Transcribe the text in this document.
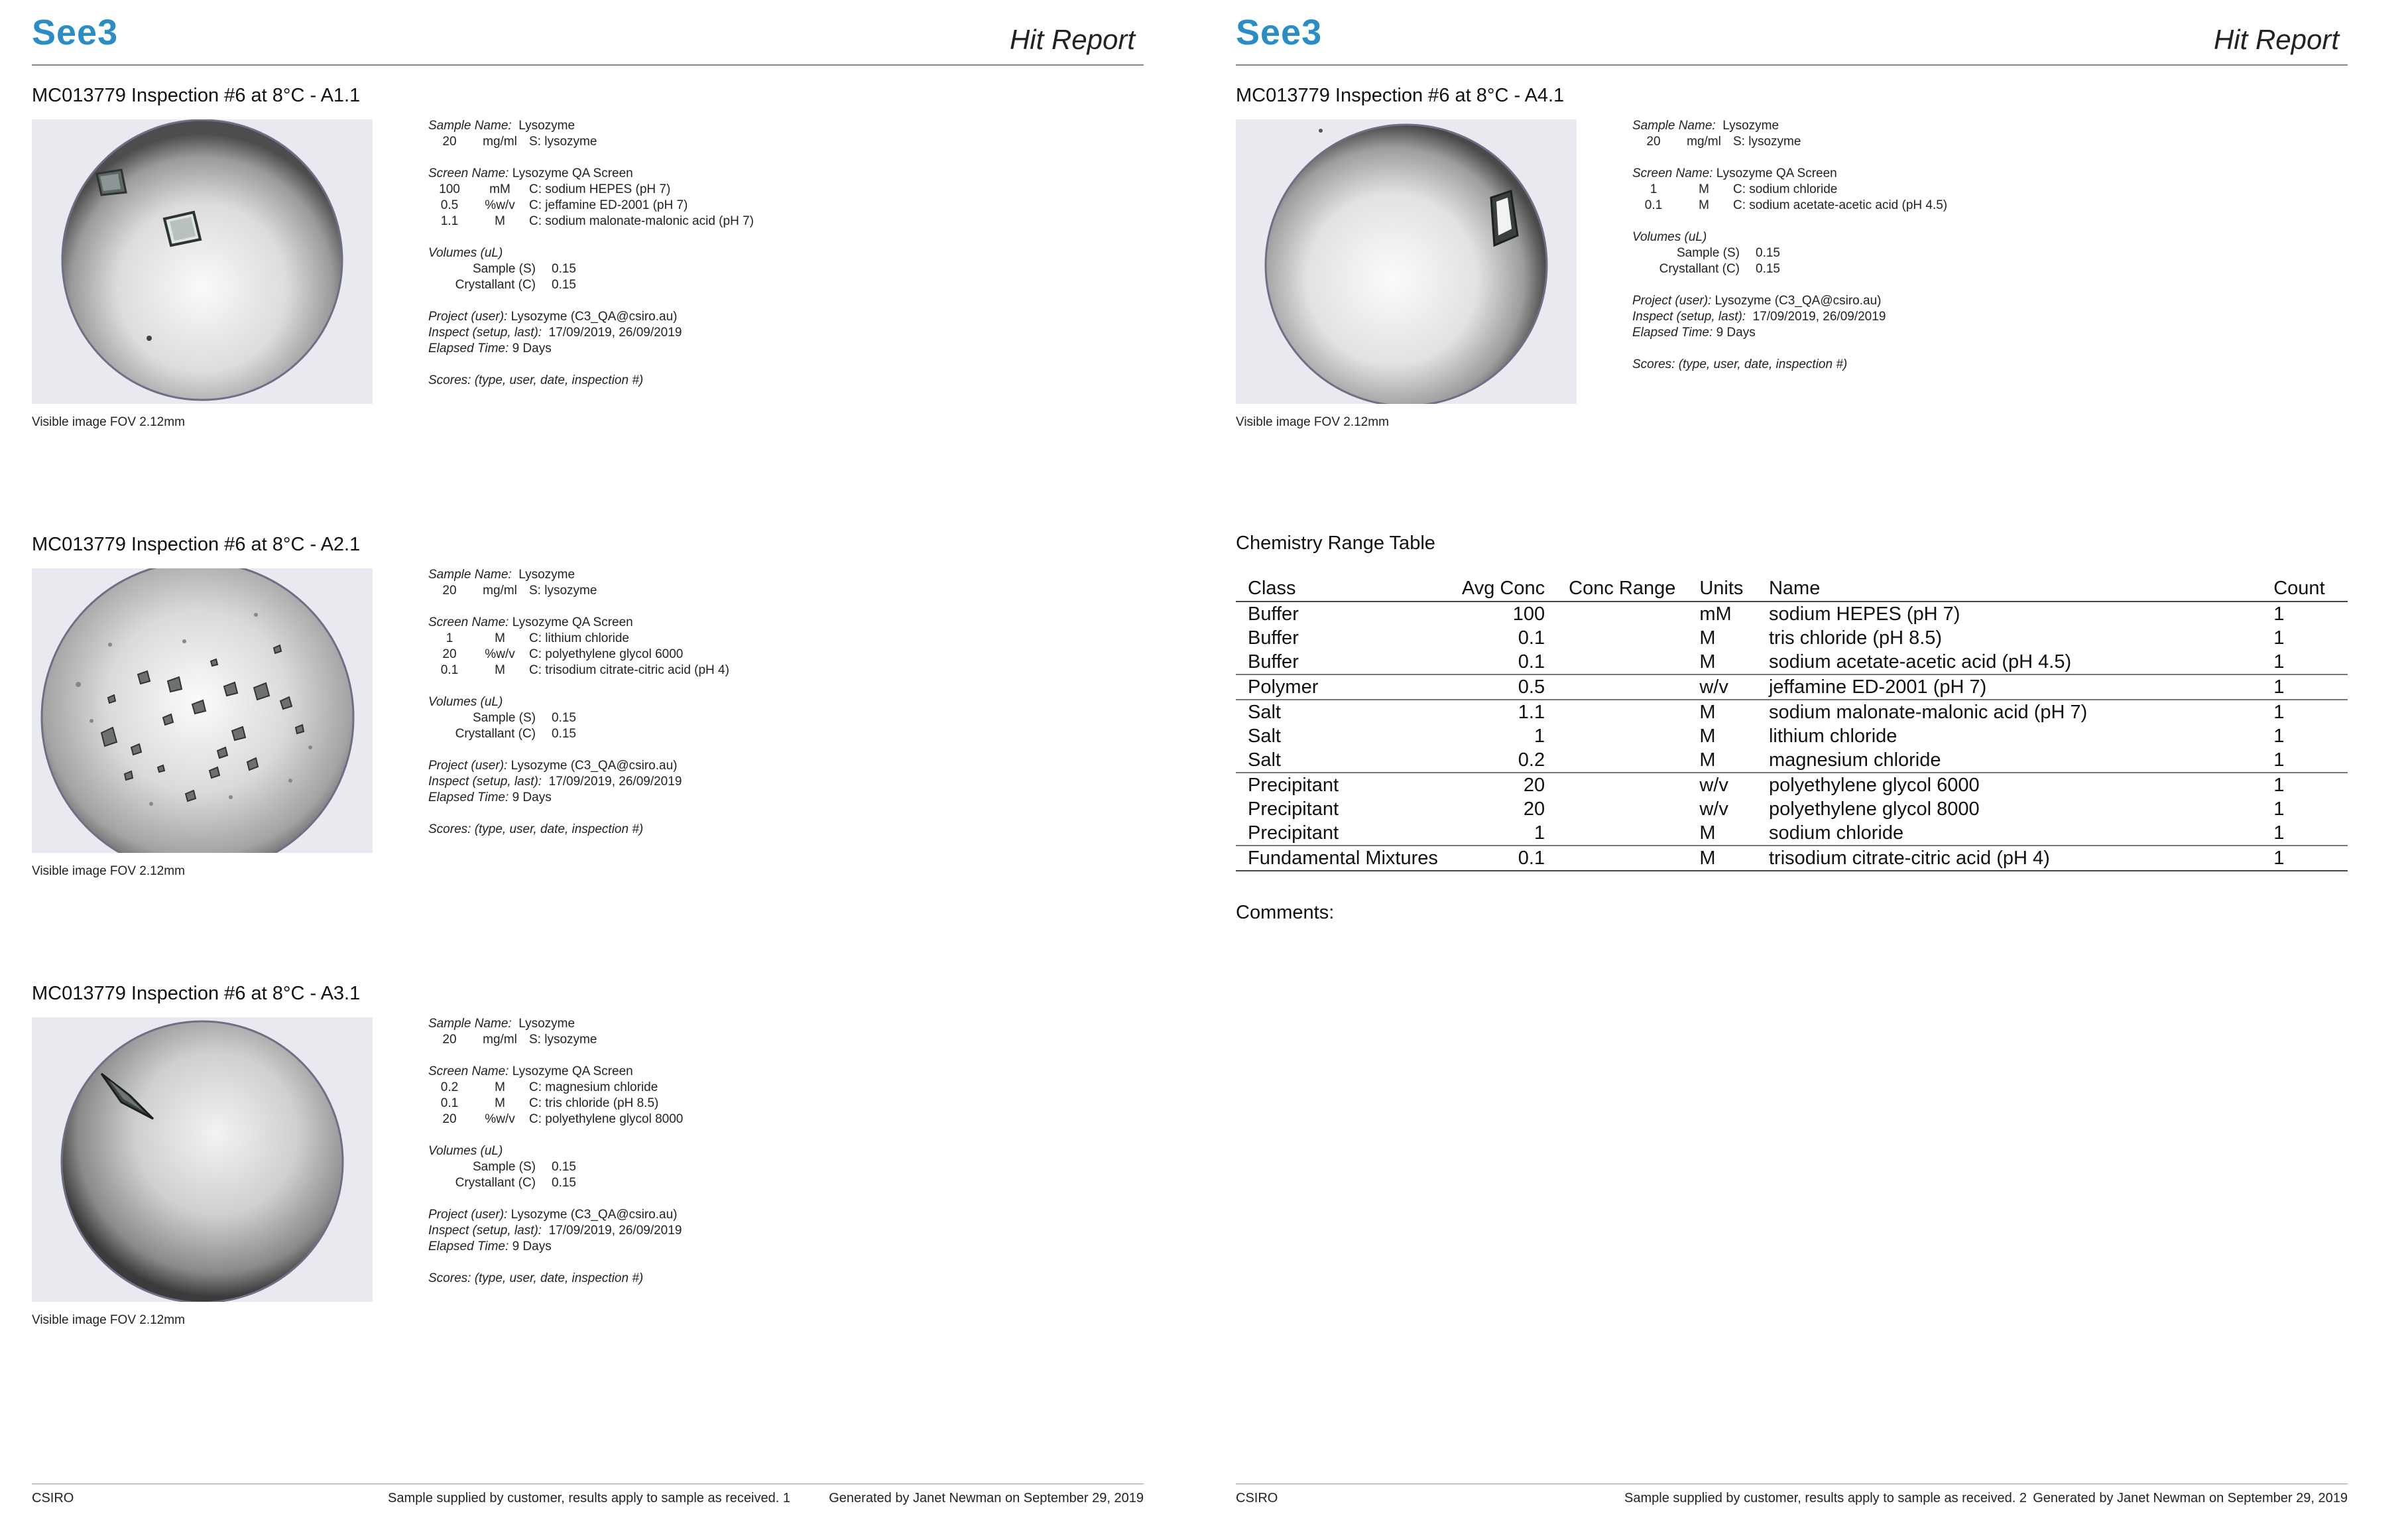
See3	Hit Report
MC013779 Inspection #6 at 8°C - A1.1
Visible image FOV 2.12mm
Sample Name: Lysozyme
20 mg/ml S: lysozyme
Screen Name: Lysozyme QA Screen
100 mM C: sodium HEPES (pH 7)
0.5 %w/v C: jeffamine ED-2001 (pH 7)
1.1	M C: sodium malonate-malonic acid (pH 7)
Volumes (uL)
Sample (S) 0.15
Crystallant (C) 0.15
Project (user): Lysozyme (C3_QA@csiro.au)
Inspect (setup, last): 17/09/2019, 26/09/2019
Elapsed Time: 9 Days
Scores: (type, user, date, inspection #)
MC013779 Inspection #6 at 8°C - A2.1
Visible image FOV 2.12mm
Sample Name: Lysozyme
20 mg/ml S: lysozyme
Screen Name: Lysozyme QA Screen
1	M C: lithium chloride
20 %w/v C: polyethylene glycol 6000
0.1	M C: trisodium citrate-citric acid (pH 4)
Volumes (uL)
Sample (S) 0.15
Crystallant (C) 0.15
Project (user): Lysozyme (C3_QA@csiro.au)
Inspect (setup, last): 17/09/2019, 26/09/2019
Elapsed Time: 9 Days
Scores: (type, user, date, inspection #)
MC013779 Inspection #6 at 8°C - A3.1
Visible image FOV 2.12mm
Sample Name: Lysozyme
20 mg/ml S: lysozyme
Screen Name: Lysozyme QA Screen
0.2	M C: magnesium chloride
0.1	M C: tris chloride (pH 8.5)
20 %w/v C: polyethylene glycol 8000
Volumes (uL)
Sample (S) 0.15
Crystallant (C) 0.15
Project (user): Lysozyme (C3_QA@csiro.au)
Inspect (setup, last): 17/09/2019, 26/09/2019
Elapsed Time: 9 Days
Scores: (type, user, date, inspection #)
CSIRO	Sample supplied by customer, results apply to sample as received. 1	Generated by Janet Newman on September 29, 2019
See3	Hit Report
MC013779 Inspection #6 at 8°C - A4.1
Visible image FOV 2.12mm
Sample Name: Lysozyme
20 mg/ml S: lysozyme
Screen Name: Lysozyme QA Screen
1	M C: sodium chloride
0.1	M C: sodium acetate-acetic acid (pH 4.5)
Volumes (uL)
Sample (S) 0.15
Crystallant (C) 0.15
Project (user): Lysozyme (C3_QA@csiro.au)
Inspect (setup, last): 17/09/2019, 26/09/2019
Elapsed Time: 9 Days
Scores: (type, user, date, inspection #)
Chemistry Range Table
Class	Avg Conc	Conc Range	Units	Name	Count
Buffer	100		mM	sodium HEPES (pH 7)	1
Buffer	0.1		M	tris chloride (pH 8.5)	1
Buffer	0.1		M	sodium acetate-acetic acid (pH 4.5)	1
Polymer	0.5		w/v	jeffamine ED-2001 (pH 7)	1
Salt	1.1		M	sodium malonate-malonic acid (pH 7)	1
Salt	1		M	lithium chloride	1
Salt	0.2		M	magnesium chloride	1
Precipitant	20		w/v	polyethylene glycol 6000	1
Precipitant	20		w/v	polyethylene glycol 8000	1
Precipitant	1		M	sodium chloride	1
Fundamental Mixtures	0.1		M	trisodium citrate-citric acid (pH 4)	1
Comments:
CSIRO	Sample supplied by customer, results apply to sample as received. 2 Generated by Janet Newman on September 29, 2019
